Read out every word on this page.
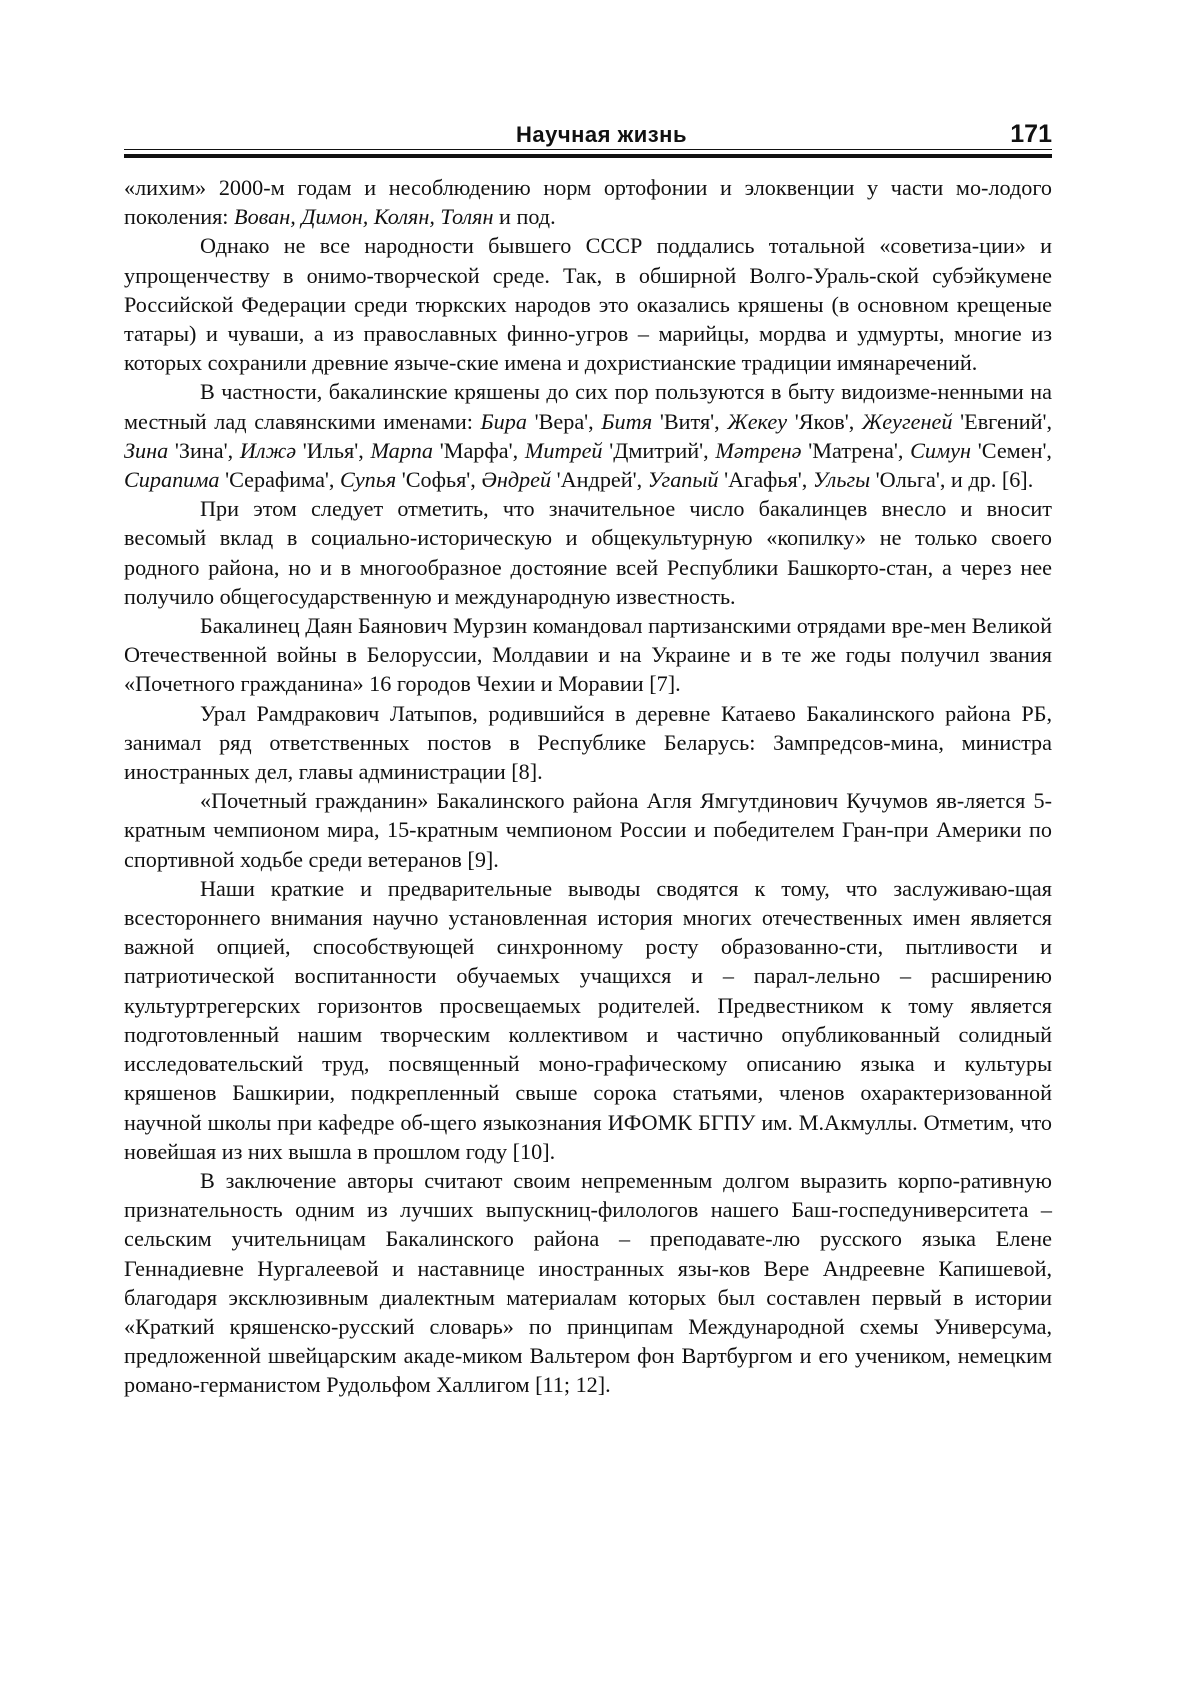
Научная жизнь	171

«лихим» 2000-м годам и несоблюдению норм ортофонии и элоквенции у части мо-лодого поколения: Вован, Димон, Колян, Толян и под.

Однако не все народности бывшего СССР поддались тотальной «советиза-ции» и упрощенчеству в онимо-творческой среде. Так, в обширной Волго-Ураль-ской субэйкумене Российской Федерации среди тюркских народов это оказались кряшены (в основном крещеные татары) и чуваши, а из православных финно-угров – марийцы, мордва и удмурты, многие из которых сохранили древние языче-ские имена и дохристианские традиции имянаречений.

В частности, бакалинские кряшены до сих пор пользуются в быту видоизме-ненными на местный лад славянскими именами: Бира 'Вера', Битя 'Витя', Жекеу 'Яков', Жеугеней 'Евгений', Зина 'Зина', Илжә 'Илья', Марпа 'Марфа', Митрей 'Дмитрий', Мәтренә 'Матрена', Симун 'Семен', Сирапима 'Серафима', Супья 'Софья', Әндрей 'Андрей', Угапый 'Агафья', Ульгы 'Ольга', и др. [6].

При этом следует отметить, что значительное число бакалинцев внесло и вносит весомый вклад в социально-историческую и общекультурную «копилку» не только своего родного района, но и в многообразное достояние всей Республики Башкорто-стан, а через нее получило общегосударственную и международную известность.

Бакалинец Даян Баянович Мурзин командовал партизанскими отрядами вре-мен Великой Отечественной войны в Белоруссии, Молдавии и на Украине и в те же годы получил звания «Почетного гражданина» 16 городов Чехии и Моравии [7].

Урал Рамдракович Латыпов, родившийся в деревне Катаево Бакалинского района РБ, занимал ряд ответственных постов в Республике Беларусь: Зампредсов-мина, министра иностранных дел, главы администрации [8].

«Почетный гражданин» Бакалинского района Агля Ямгутдинович Кучумов яв-ляется 5-кратным чемпионом мира, 15-кратным чемпионом России и победителем Гран-при Америки по спортивной ходьбе среди ветеранов [9].

Наши краткие и предварительные выводы сводятся к тому, что заслуживаю-щая всестороннего внимания научно установленная история многих отечественных имен является важной опцией, способствующей синхронному росту образованно-сти, пытливости и патриотической воспитанности обучаемых учащихся и – парал-лельно – расширению культуртрегерских горизонтов просвещаемых родителей. Предвестником к тому является подготовленный нашим творческим коллективом и частично опубликованный солидный исследовательский труд, посвященный моно-графическому описанию языка и культуры кряшенов Башкирии, подкрепленный свыше сорока статьями, членов охарактеризованной научной школы при кафедре об-щего языкознания ИФОМК БГПУ им. М.Акмуллы. Отметим, что новейшая из них вышла в прошлом году [10].

В заключение авторы считают своим непременным долгом выразить корпо-ративную признательность одним из лучших выпускниц-филологов нашего Баш-госпедуниверситета – сельским учительницам Бакалинского района – преподавате-лю русского языка Елене Геннадиевне Нургалеевой и наставнице иностранных язы-ков Вере Андреевне Капишевой, благодаря эксклюзивным диалектным материалам которых был составлен первый в истории «Краткий кряшенско-русский словарь» по принципам Международной схемы Универсума, предложенной швейцарским акаде-миком Вальтером фон Вартбургом и его учеником, немецким романо-германистом Рудольфом Халлигом [11; 12].
